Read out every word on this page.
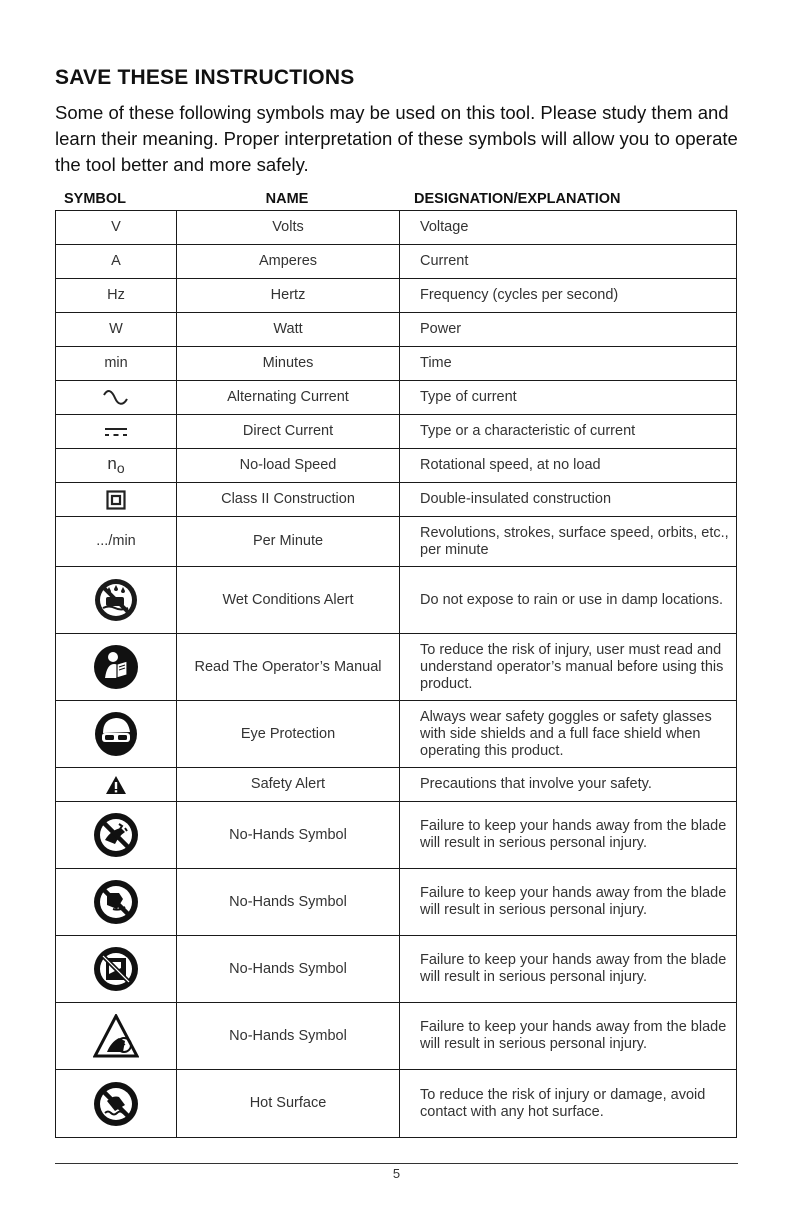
SAVE THESE INSTRUCTIONS

Some of these following symbols may be used on this tool. Please study them and learn their meaning. Proper interpretation of these symbols will allow you to operate the tool better and more safely.

SYMBOL	NAME	DESIGNATION/EXPLANATION
V	Volts	Voltage
A	Amperes	Current
Hz	Hertz	Frequency (cycles per second)
W	Watt	Power
min	Minutes	Time

	Alternating Current	Type of current

	Direct Current	Type or a characteristic of current
$n_o$	No-load Speed	Rotational speed, at no load

	Class II Construction	Double-insulated construction
.../min	Per Minute	Revolutions, strokes, surface speed, orbits, etc., per minute

	Wet Conditions Alert	Do not expose to rain or use in damp locations.

	Read The Operator’s Manual	To reduce the risk of injury, user must read and understand operator’s manual before using this product.

	Eye Protection	Always wear safety goggles or safety glasses with side shields and a full face shield when operating this product.

	Safety Alert	Precautions that involve your safety.

	No-Hands Symbol	Failure to keep your hands away from the blade will result in serious personal injury.

	No-Hands Symbol	Failure to keep your hands away from the blade will result in serious personal injury.

	No-Hands Symbol	Failure to keep your hands away from the blade will result in serious personal injury.

	No-Hands Symbol	Failure to keep your hands away from the blade will result in serious personal injury.

	Hot Surface	To reduce the risk of injury or damage, avoid contact with any hot surface.
5
